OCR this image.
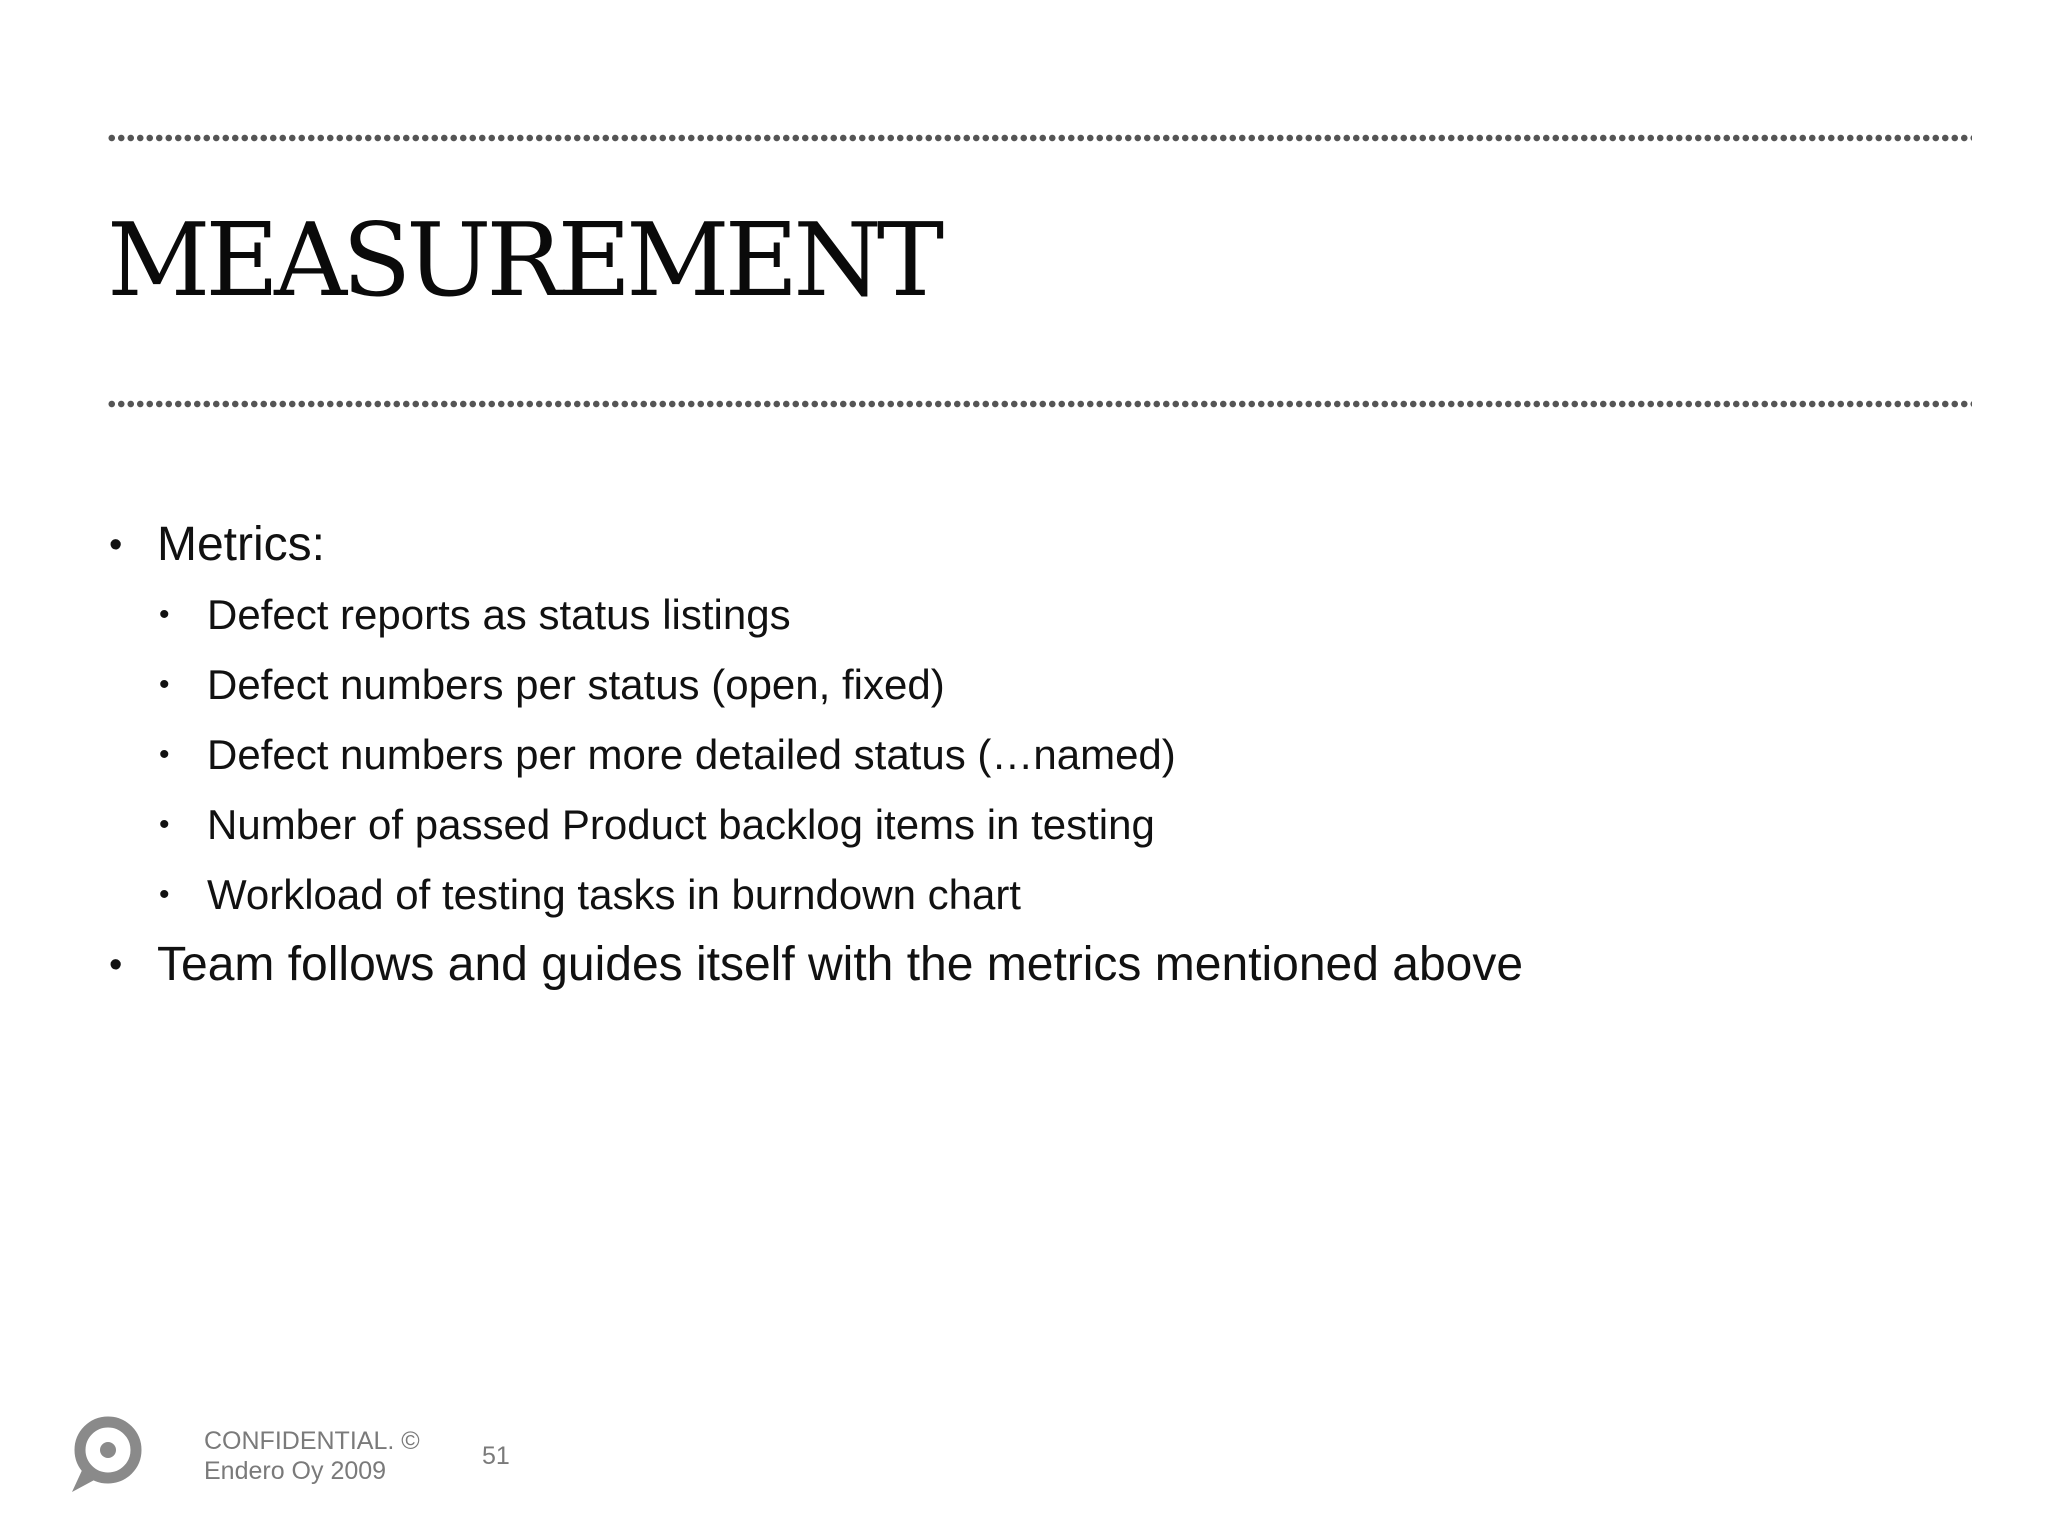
MEASUREMENT
• Metrics:
• Defect reports as status listings
• Defect numbers per status (open, fixed)
• Defect numbers per more detailed status (…named)
• Number of passed Product backlog items in testing
• Workload of testing tasks in burndown chart
• Team follows and guides itself with the metrics mentioned above
CONFIDENTIAL. ©
Endero Oy 2009
51
